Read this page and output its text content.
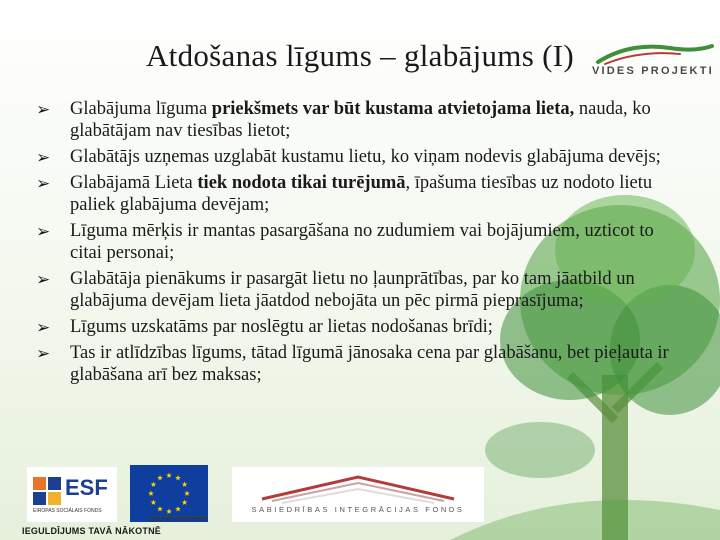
VIDES PROJEKTI
Atdošanas līgums – glabājums (I)
➢ Glabājuma līguma priekšmets var būt kustama atvietojama lieta, nauda, ko glabātājam nav tiesības lietot;
➢ Glabātājs uzņemas uzglabāt kustamu lietu, ko viņam nodevis glabājuma devējs;
➢ Glabājamā Lieta tiek nodota tikai turējumā, īpašuma tiesības uz nodoto lietu paliek glabājuma devējam;
➢ Līguma mērķis ir mantas pasargāšana no zudumiem vai bojājumiem, uzticot to citai personai;
➢ Glabātāja pienākums ir pasargāt lietu no ļaunprātības, par ko tam jāatbild un glabājuma devējam lieta jāatdod nebojāta un pēc pirmā pieprasījuma;
➢ Līgums uzskatāms par noslēgtu ar lietas nodošanas brīdi;
➢ Tas ir atlīdzības līgums, tātad līgumā jānosaka cena par glabāšanu, bet pieļauta ir glabāšana arī bez maksas;
ESF
EIROPAS SOCIĀLAIS FONDS
EIROPAS SAVIENĪBA
SABIEDRĪBAS INTEGRĀCIJAS FONDS
IEGULDĪJUMS TAVĀ NĀKOTNĒ
